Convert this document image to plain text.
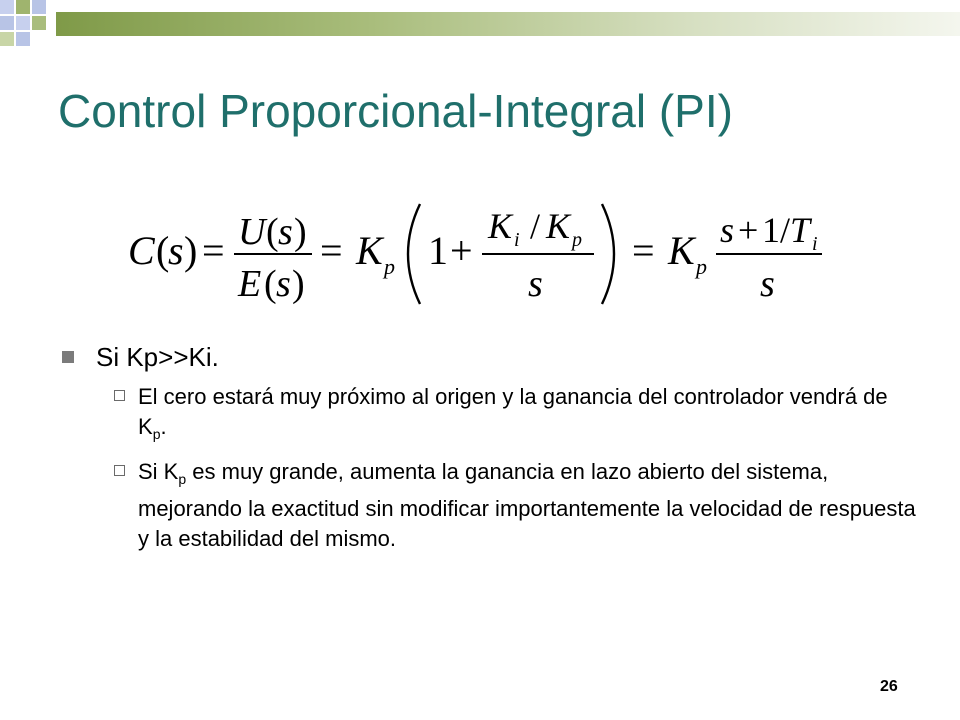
Control Proporcional-Integral (PI)
C (
s ) = U ( s )
E ( s )
= K p 1 +
K i / K p
s
= K p
s + 1/ T i
s
Si Kp>>Ki.
El cero estará muy próximo al origen y la ganancia del controlador vendrá de $K_p$.
Si $K_p$ es muy grande, aumenta la ganancia en lazo abierto del sistema, mejorando la exactitud sin modificar importantemente la velocidad de respuesta y la estabilidad del mismo.
26
